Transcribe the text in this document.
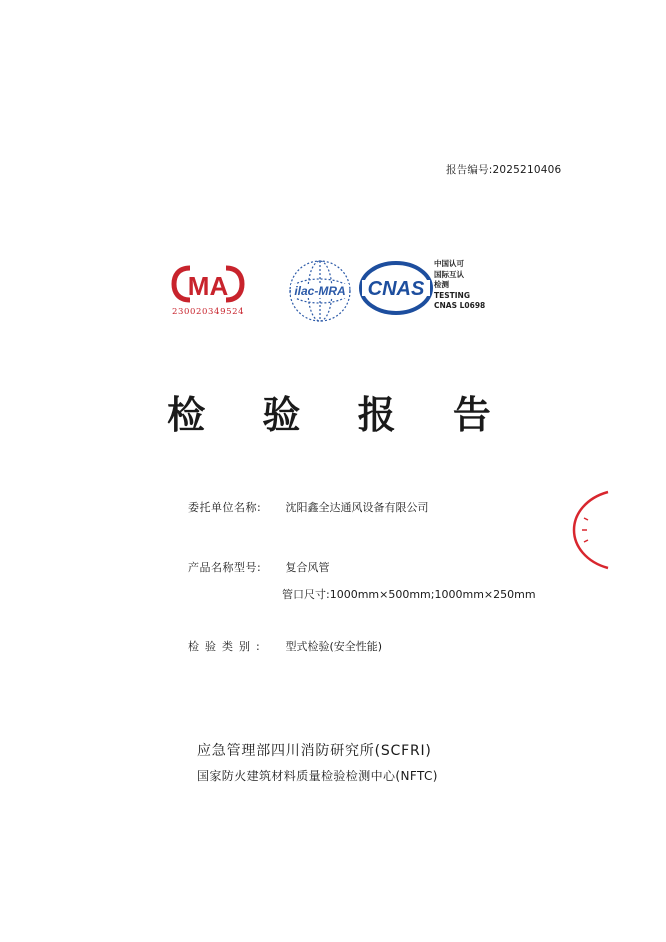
报告编号:2025210406
MA
230020349524
ilac-MRA CNAS
中国认可
国际互认
检测
TESTING
CNAS L0698
检 验 报 告
委托单位名称: 沈阳鑫全达通风设备有限公司
产品名称型号: 复合风管
管口尺寸:1000mm×500mm;1000mm×250mm
检验类别: 型式检验(安全性能)
应急管理部四川消防研究所(SCFRI)
国家防火建筑材料质量检验检测中心(NFTC)
